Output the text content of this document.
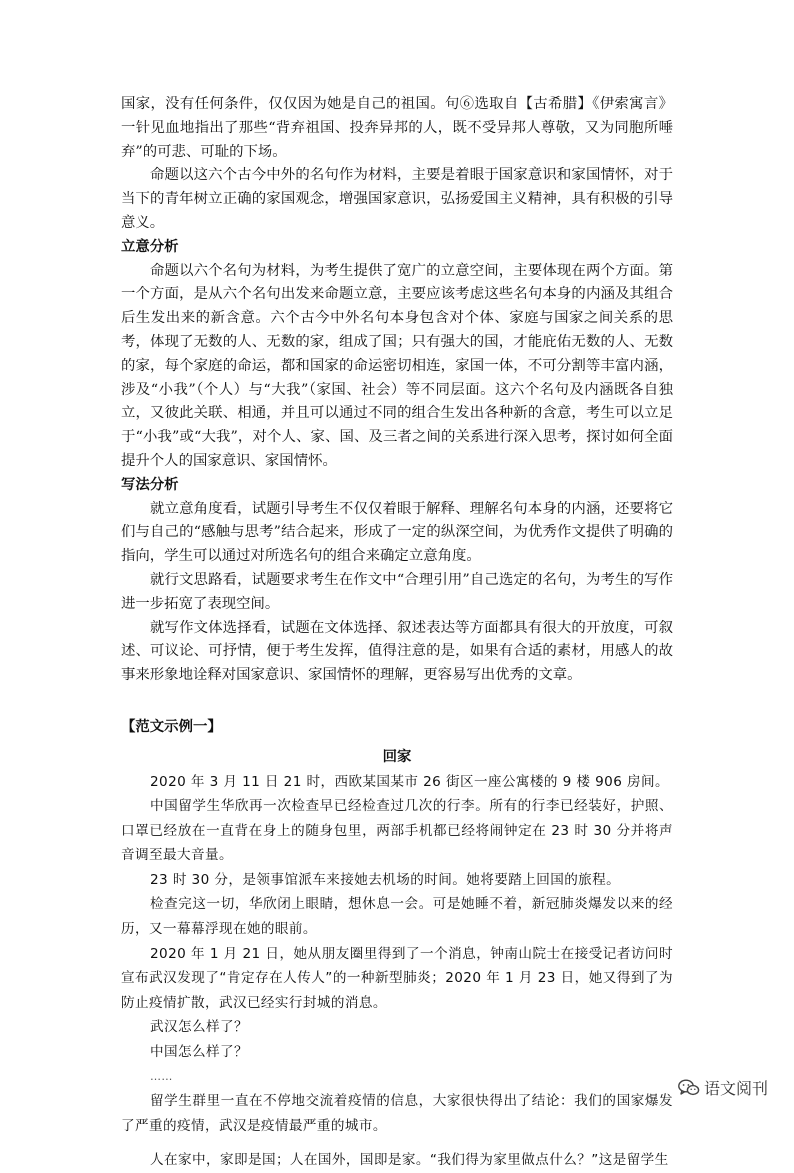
国家，没有任何条件，仅仅因为她是自己的祖国。句⑥选取自【古希腊】《伊索寓言》一针见血地指出了那些“背弃祖国、投奔异邦的人，既不受异邦人尊敬，又为同胞所唾弃”的可悲、可耻的下场。

命题以这六个古今中外的名句作为材料，主要是着眼于国家意识和家国情怀，对于当下的青年树立正确的家国观念，增强国家意识，弘扬爱国主义精神，具有积极的引导意义。

立意分析

命题以六个名句为材料，为考生提供了宽广的立意空间，主要体现在两个方面。第一个方面，是从六个名句出发来命题立意，主要应该考虑这些名句本身的内涵及其组合后生发出来的新含意。六个古今中外名句本身包含对个体、家庭与国家之间关系的思考，体现了无数的人、无数的家，组成了国；只有强大的国，才能庇佑无数的人、无数的家，每个家庭的命运，都和国家的命运密切相连，家国一体，不可分割等丰富内涵，涉及“小我”（个人）与“大我”（家国、社会）等不同层面。这六个名句及内涵既各自独立，又彼此关联、相通，并且可以通过不同的组合生发出各种新的含意，考生可以立足于“小我”或“大我”，对个人、家、国、及三者之间的关系进行深入思考，探讨如何全面提升个人的国家意识、家国情怀。

写法分析

就立意角度看，试题引导考生不仅仅着眼于解释、理解名句本身的内涵，还要将它们与自己的“感触与思考”结合起来，形成了一定的纵深空间，为优秀作文提供了明确的指向，学生可以通过对所选名句的组合来确定立意角度。

就行文思路看，试题要求考生在作文中“合理引用”自己选定的名句，为考生的写作进一步拓宽了表现空间。

就写作文体选择看，试题在文体选择、叙述表达等方面都具有很大的开放度，可叙述、可议论、可抒情，便于考生发挥，值得注意的是，如果有合适的素材，用感人的故事来形象地诠释对国家意识、家国情怀的理解，更容易写出优秀的文章。

【范文示例一】
回家

2020 年 3 月 11 日 21 时，西欧某国某市 26 街区一座公寓楼的 9 楼 906 房间。

中国留学生华欣再一次检查早已经检查过几次的行李。所有的行李已经装好，护照、口罩已经放在一直背在身上的随身包里，两部手机都已经将闹钟定在 23 时 30 分并将声音调至最大音量。

23 时 30 分，是领事馆派车来接她去机场的时间。她将要踏上回国的旅程。

检查完这一切，华欣闭上眼睛，想休息一会。可是她睡不着，新冠肺炎爆发以来的经历，又一幕幕浮现在她的眼前。

2020 年 1 月 21 日，她从朋友圈里得到了一个消息，钟南山院士在接受记者访问时宣布武汉发现了“肯定存在人传人”的一种新型肺炎；2020 年 1 月 23 日，她又得到了为防止疫情扩散，武汉已经实行封城的消息。

武汉怎么样了？

中国怎么样了？

……

留学生群里一直在不停地交流着疫情的信息，大家很快得出了结论：我们的国家爆发了严重的疫情，武汉是疫情最严重的城市。

人在家中，家即是国；人在国外，国即是家。“我们得为家里做点什么？”这是留学生

语文阅刊
